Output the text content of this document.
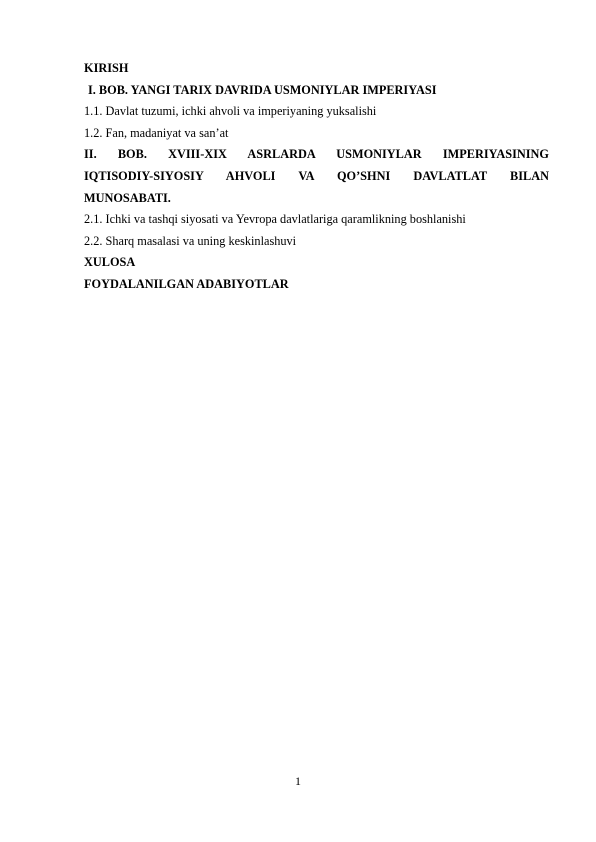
KIRISH
I. BOB. YANGI TARIX DAVRIDA USMONIYLAR IMPERIYASI
1.1. Davlat tuzumi, ichki ahvoli va imperiyaning yuksalishi
1.2. Fan, madaniyat va san’at
II. BOB. XVIII-XIX ASRLARDA USMONIYLAR IMPERIYASINING
IQTISODIY-SIYOSIY AHVOLI VA QO’SHNI DAVLATLAT BILAN
MUNOSABATI.
2.1. Ichki va tashqi siyosati va Yevropa davlatlariga qaramlikning boshlanishi
2.2. Sharq masalasi va uning keskinlashuvi
XULOSA
FOYDALANILGAN ADABIYOTLAR
1
